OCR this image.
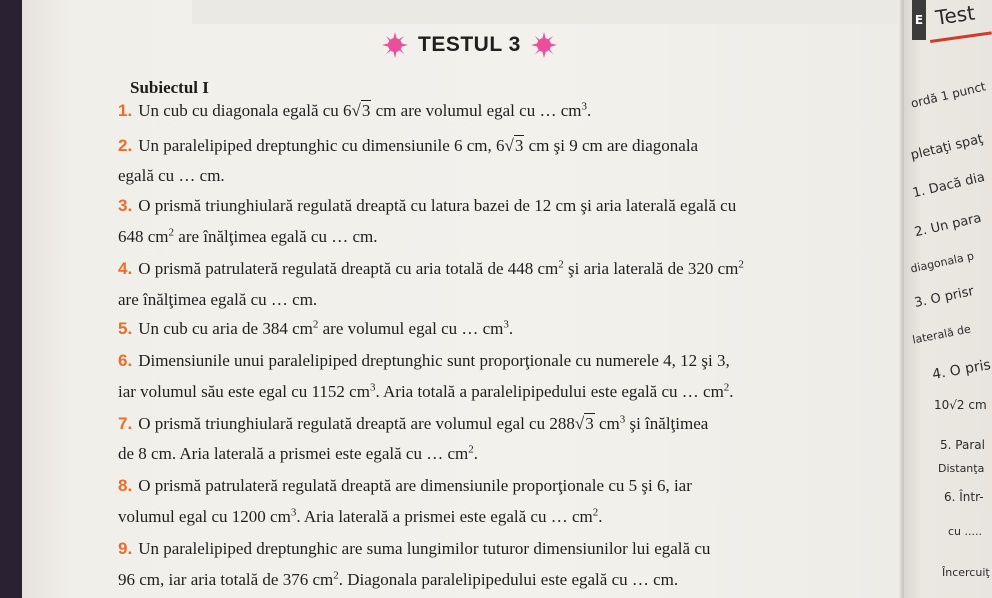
TESTUL 3
Subiectul I
1. Un cub cu diagonala egală cu 6√3 cm are volumul egal cu … $cm^3$.
2. Un paralelipiped dreptunghic cu dimensiunile 6 cm, 6√3 cm şi 9 cm are diagonala
egală cu … cm.
3. O prismă triunghiulară regulată dreaptă cu latura bazei de 12 cm şi aria laterală egală cu
648 $cm^2$ are înălţimea egală cu … cm.
4. O prismă patrulateră regulată dreaptă cu aria totală de 448 $cm^2$ şi aria laterală de 320 $cm^2$
are înălţimea egală cu … cm.
5. Un cub cu aria de 384 $cm^2$ are volumul egal cu … $cm^3$.
6. Dimensiunile unui paralelipiped dreptunghic sunt proporţionale cu numerele 4, 12 şi 3,
iar volumul său este egal cu 1152 $cm^3$. Aria totală a paralelipipedului este egală cu … $cm^2$.
7. O prismă triunghiulară regulată dreaptă are volumul egal cu 288√3 $cm^3$ şi înălţimea
de 8 cm. Aria laterală a prismei este egală cu … $cm^2$.
8. O prismă patrulateră regulată dreaptă are dimensiunile proporţionale cu 5 şi 6, iar
volumul egal cu 1200 $cm^3$. Aria laterală a prismei este egală cu … $cm^2$.
9. Un paralelipiped dreptunghic are suma lungimilor tuturor dimensiunilor lui egală cu
96 cm, iar aria totală de 376 $cm^2$. Diagonala paralelipipedului este egală cu … cm.
E Test
ordă 1 punct
pletaţi spaţ
1. Dacă dia
2. Un para
diagonala p
3. O prisr
laterală de
4. O pris
10√2 cm
5. Paral
Distanţa
6. Într-
cu .....
Încercuiţ
